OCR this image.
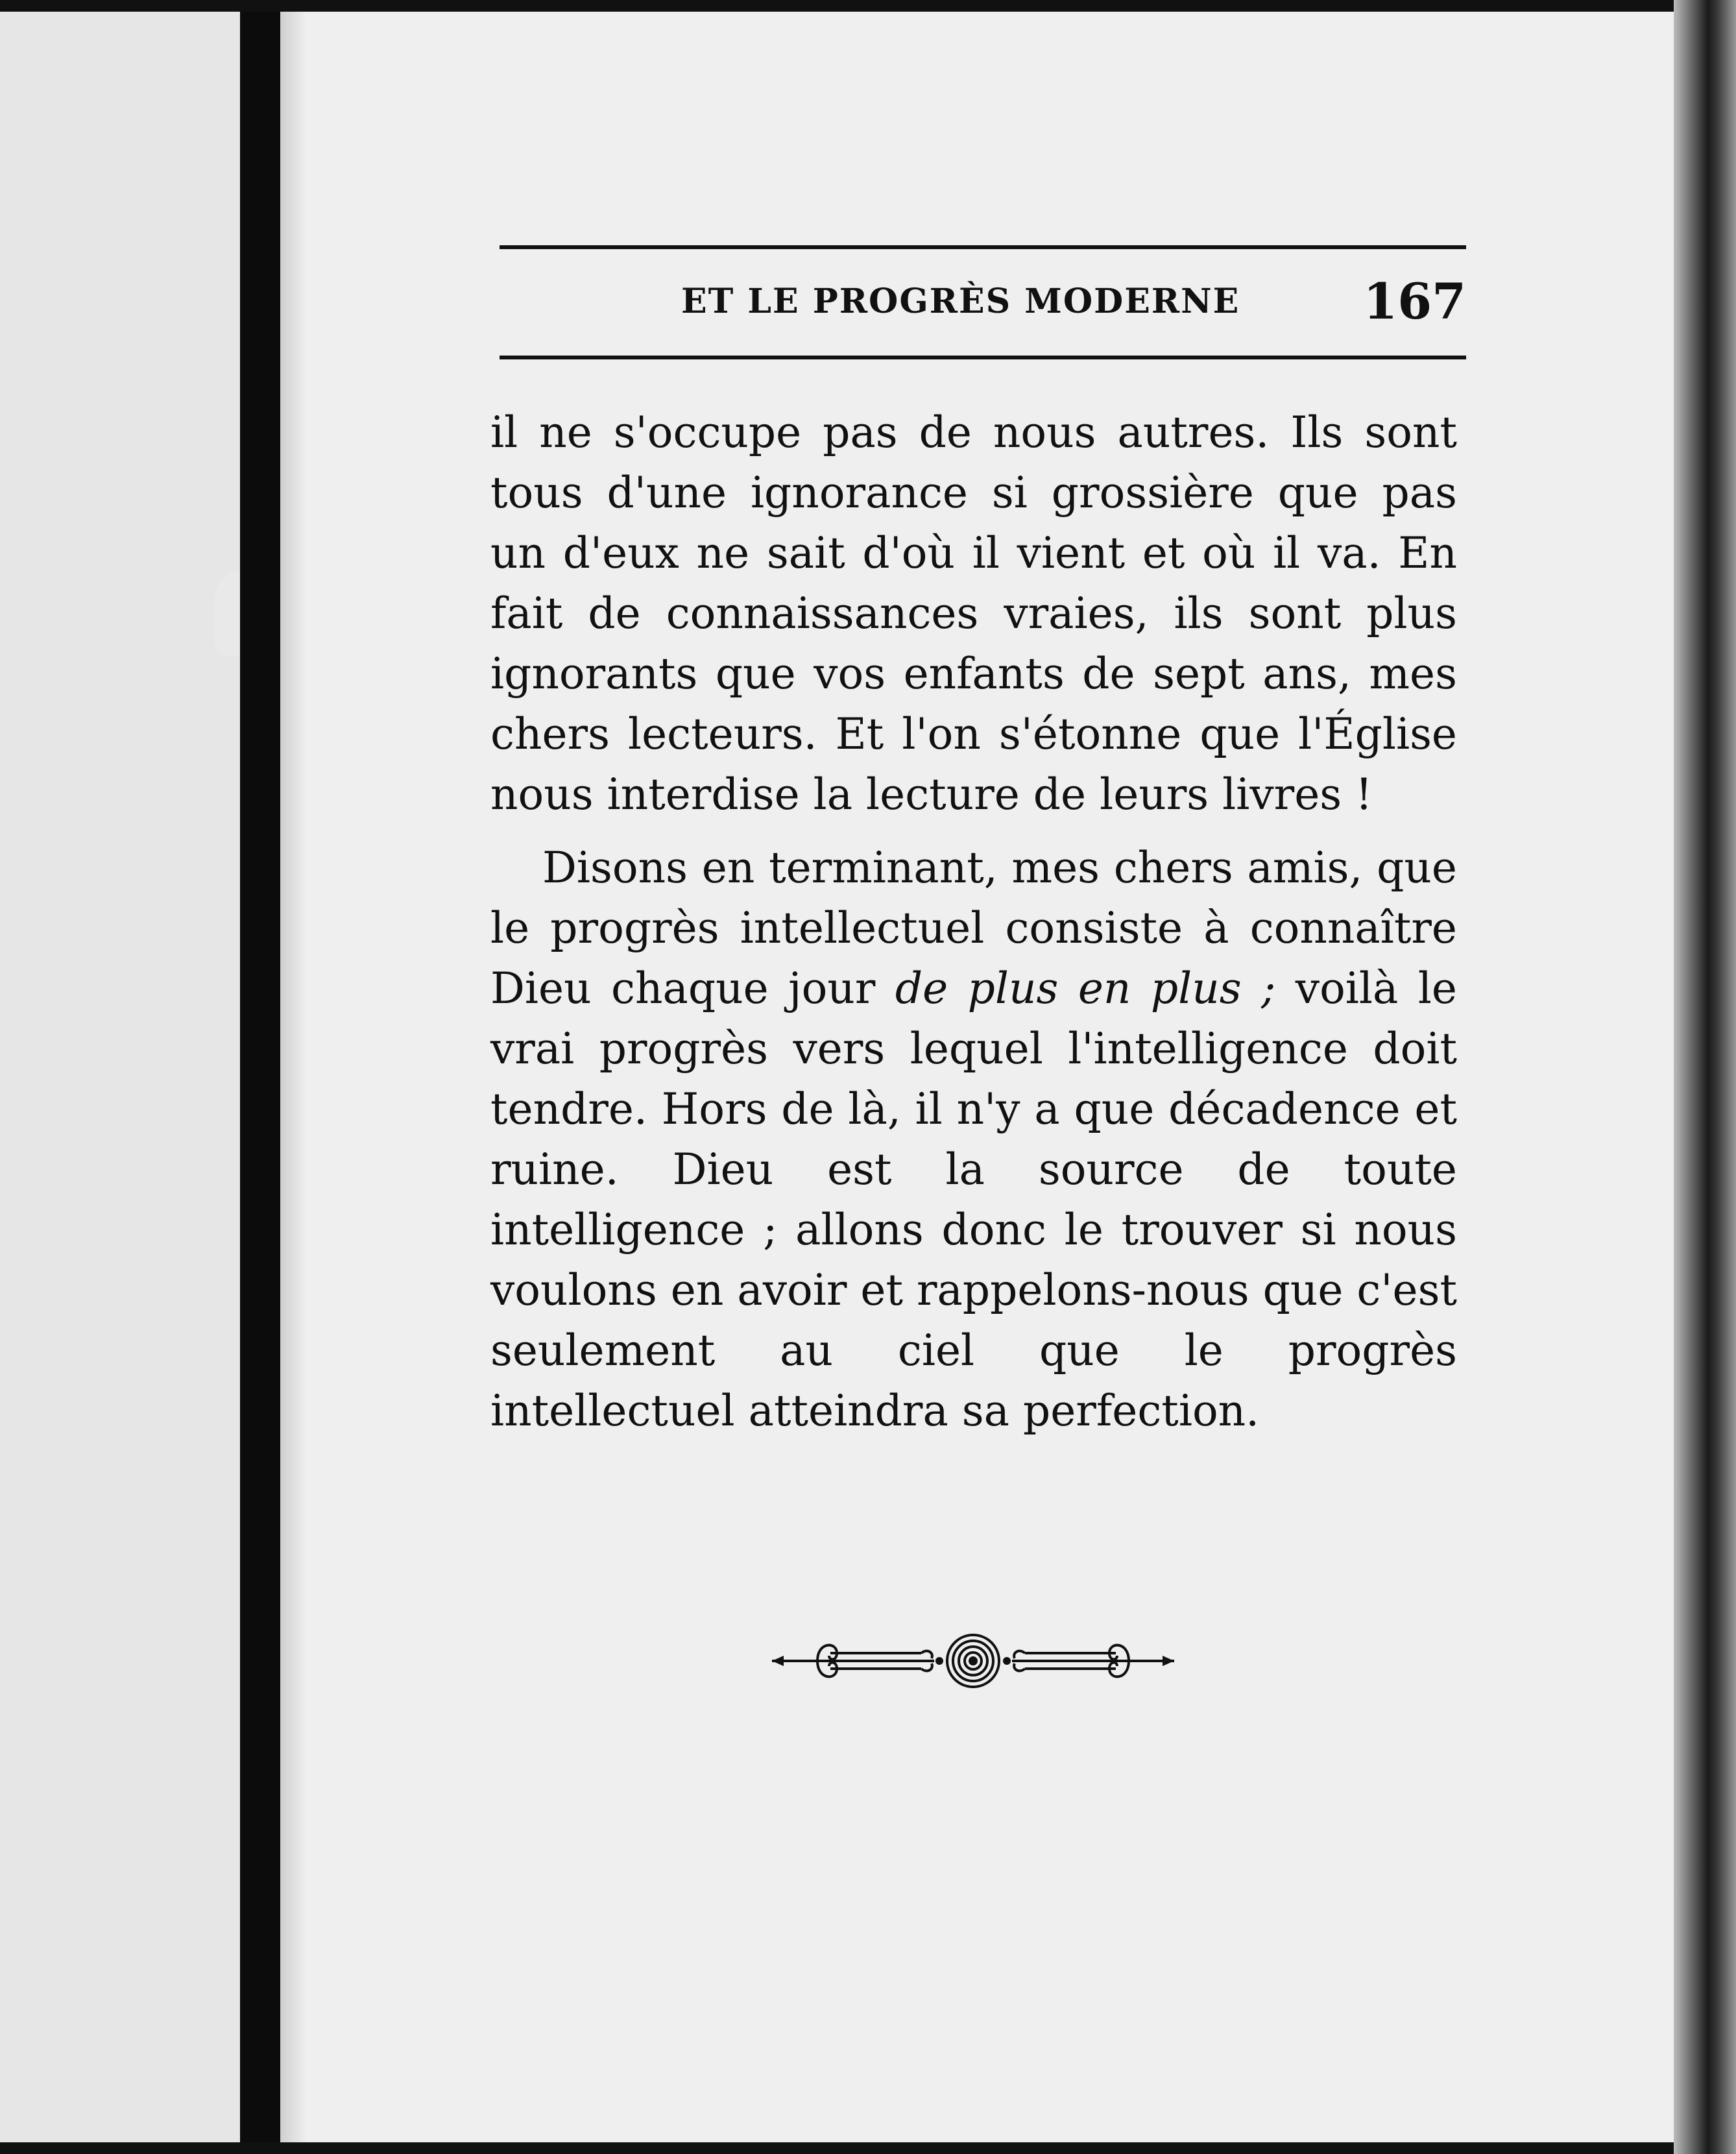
ET LE PROGRÈS MODERNE	167

il ne s'occupe pas de nous autres. Ils sont tous d'une ignorance si grossière que pas un d'eux ne sait d'où il vient et où il va. En fait de connaissances vraies, ils sont plus ignorants que vos enfants de sept ans, mes chers lecteurs. Et l'on s'étonne que l'Église nous interdise la lecture de leurs livres !

Disons en terminant, mes chers amis, que le progrès intellectuel consiste à connaître Dieu chaque jour de plus en plus ; voilà le vrai progrès vers lequel l'intelligence doit tendre. Hors de là, il n'y a que décadence et ruine. Dieu est la source de toute intelligence ; allons donc le trouver si nous voulons en avoir et rappelons-nous que c'est seulement au ciel que le progrès intellectuel atteindra sa perfection.
